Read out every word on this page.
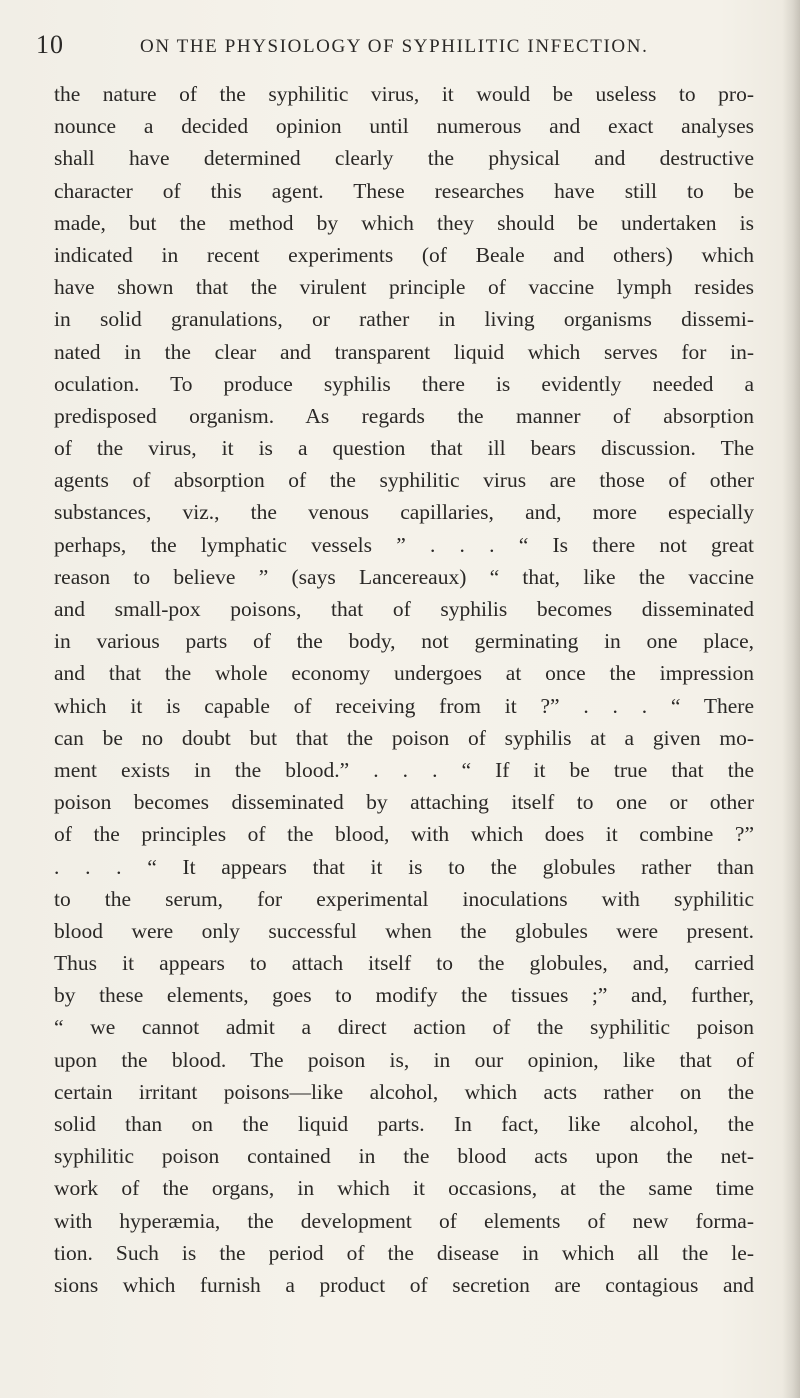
10	ON THE PHYSIOLOGY OF SYPHILITIC INFECTION.
the nature of the syphilitic virus, it would be useless to pro-
nounce a decided opinion until numerous and exact analyses
shall have determined clearly the physical and destructive
character of this agent. These researches have still to be
made, but the method by which they should be undertaken is
indicated in recent experiments (of Beale and others) which
have shown that the virulent principle of vaccine lymph resides
in solid granulations, or rather in living organisms dissemi-
nated in the clear and transparent liquid which serves for in-
oculation. To produce syphilis there is evidently needed a
predisposed organism. As regards the manner of absorption
of the virus, it is a question that ill bears discussion. The
agents of absorption of the syphilitic virus are those of other
substances, viz., the venous capillaries, and, more especially
perhaps, the lymphatic vessels ” . . . “ Is there not great
reason to believe ” (says Lancereaux) “ that, like the vaccine
and small-pox poisons, that of syphilis becomes disseminated
in various parts of the body, not germinating in one place,
and that the whole economy undergoes at once the impression
which it is capable of receiving from it ?” . . . “ There
can be no doubt but that the poison of syphilis at a given mo-
ment exists in the blood.” . . . “ If it be true that the
poison becomes disseminated by attaching itself to one or other
of the principles of the blood, with which does it combine ?”
. . . “ It appears that it is to the globules rather than
to the serum, for experimental inoculations with syphilitic
blood were only successful when the globules were present.
Thus it appears to attach itself to the globules, and, carried
by these elements, goes to modify the tissues ;” and, further,
“ we cannot admit a direct action of the syphilitic poison
upon the blood. The poison is, in our opinion, like that of
certain irritant poisons—like alcohol, which acts rather on the
solid than on the liquid parts. In fact, like alcohol, the
syphilitic poison contained in the blood acts upon the net-
work of the organs, in which it occasions, at the same time
with hyperæmia, the development of elements of new forma-
tion. Such is the period of the disease in which all the le-
sions which furnish a product of secretion are contagious and
